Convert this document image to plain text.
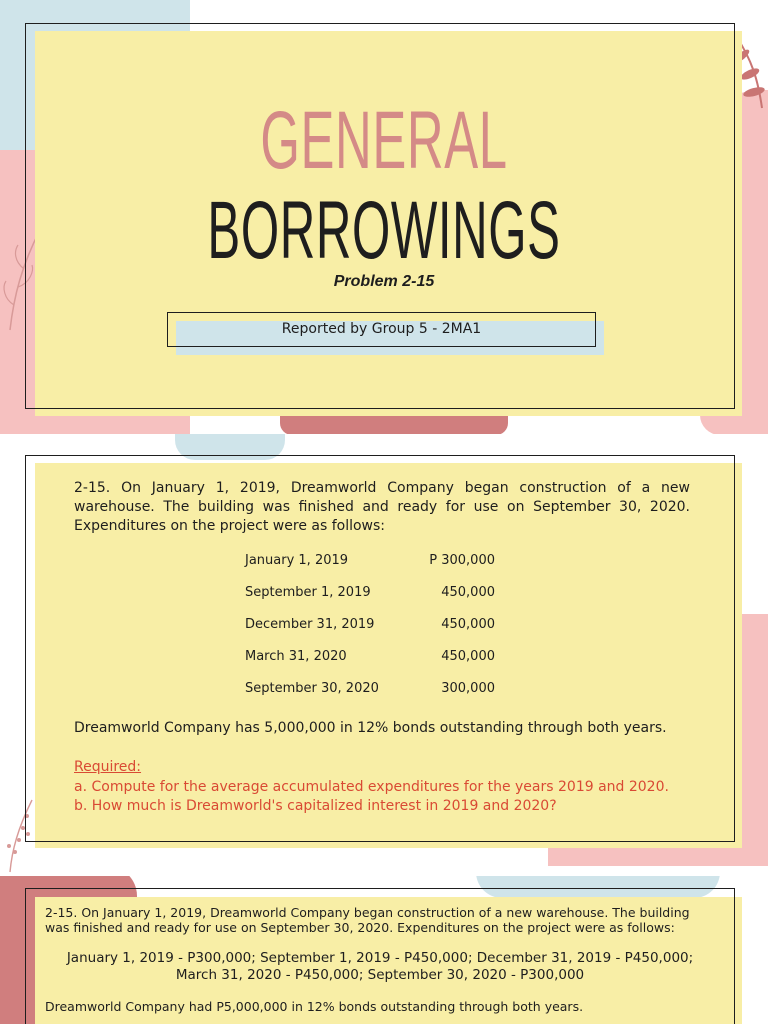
GENERAL
BORROWINGS
Problem 2-15
Reported by Group 5 - 2MA1
2-15. On January 1, 2019, Dreamworld Company began construction of a new warehouse. The building was finished and ready for use on September 30, 2020. Expenditures on the project were as follows:
January 1, 2019	P 300,000
September 1, 2019	450,000
December 31, 2019	450,000
March 31, 2020	450,000
September 30, 2020	300,000
Dreamworld Company has 5,000,000 in 12% bonds outstanding through both years.
Required:
a. Compute for the average accumulated expenditures for the years 2019 and 2020.
b. How much is Dreamworld's capitalized interest in 2019 and 2020?
2-15. On January 1, 2019, Dreamworld Company began construction of a new warehouse. The building was finished and ready for use on September 30, 2020. Expenditures on the project were as follows:
January 1, 2019 - P300,000; September 1, 2019 - P450,000; December 31, 2019 - P450,000;
March 31, 2020 - P450,000; September 30, 2020 - P300,000
Dreamworld Company had P5,000,000 in 12% bonds outstanding through both years.
